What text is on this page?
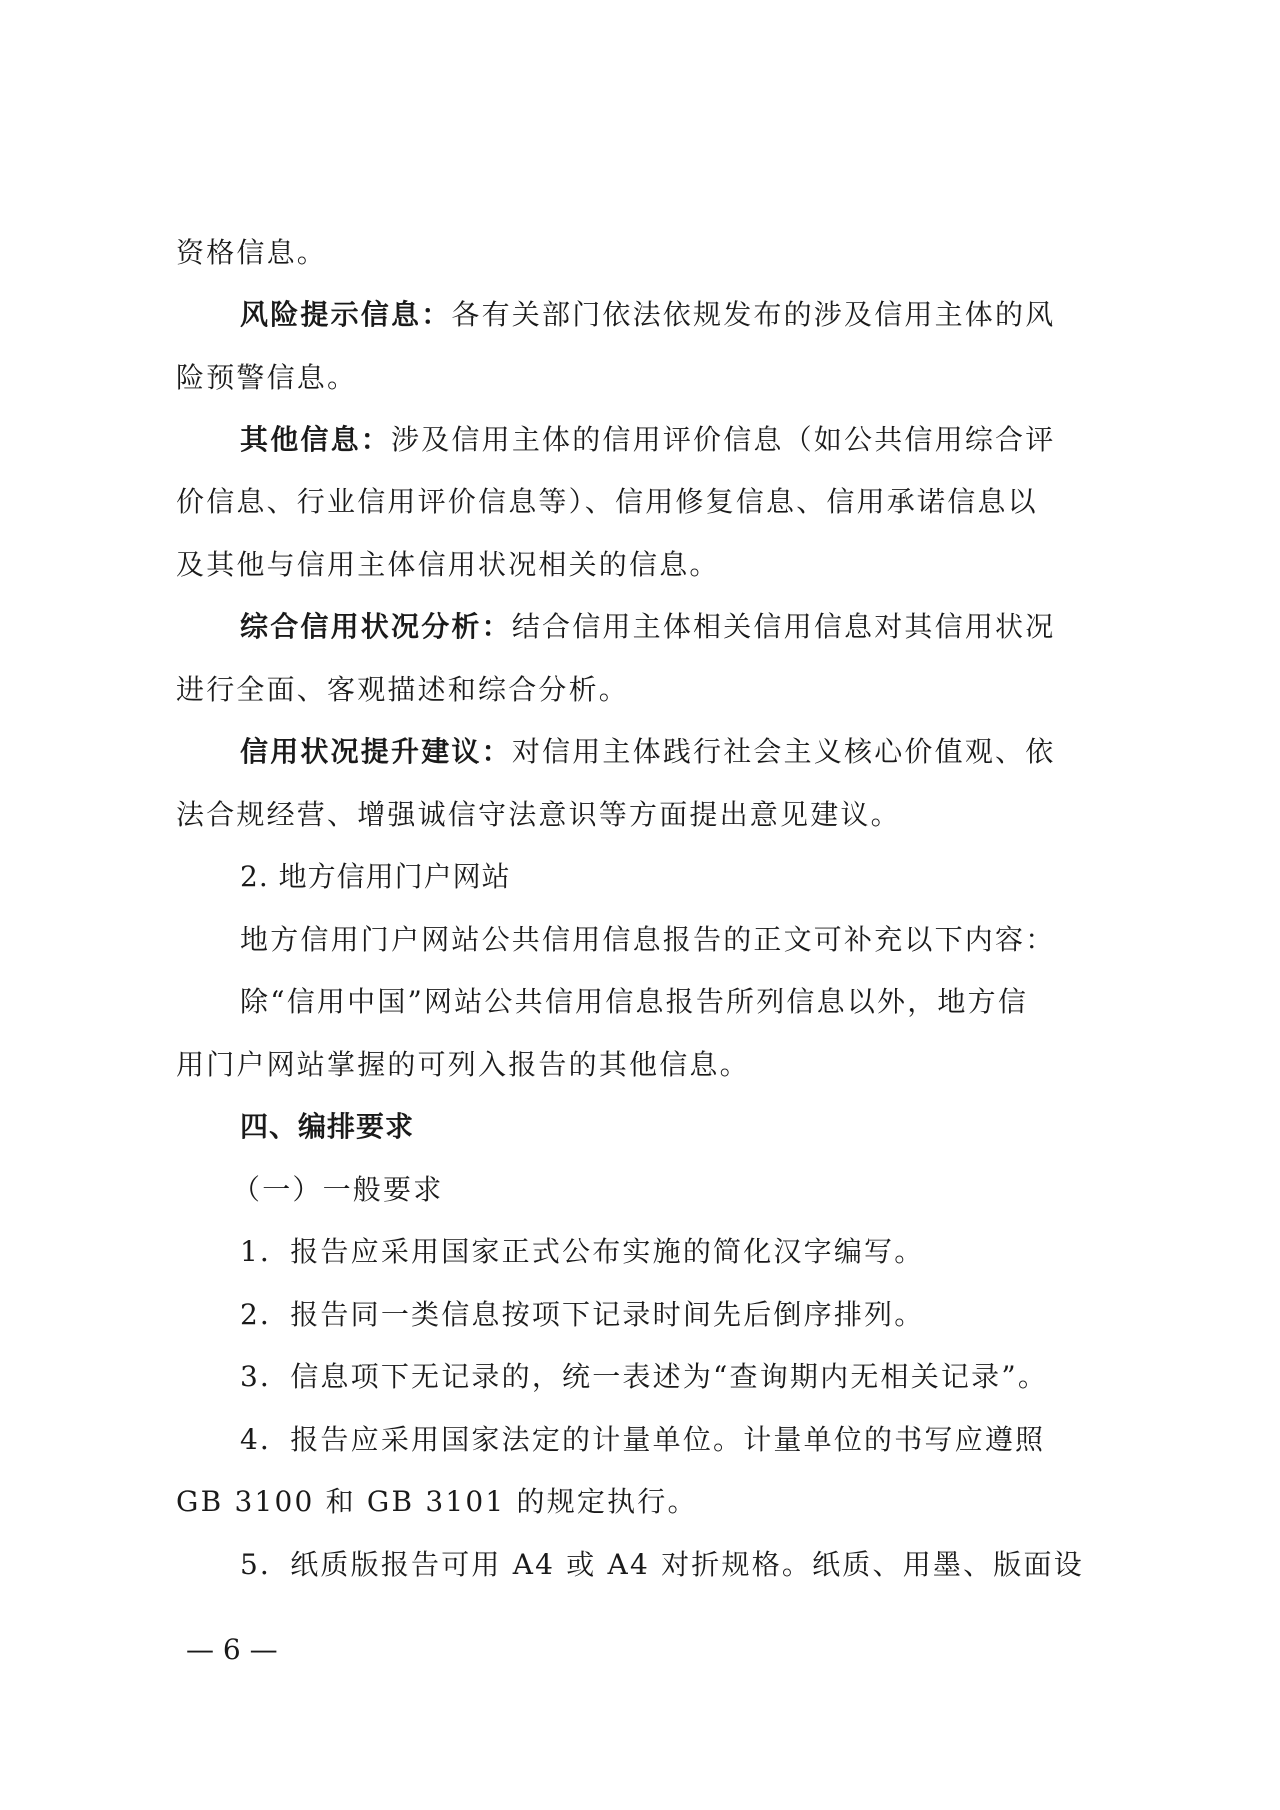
资格信息。
风险提示信息：各有关部门依法依规发布的涉及信用主体的风
险预警信息。
其他信息：涉及信用主体的信用评价信息（如公共信用综合评
价信息、行业信用评价信息等）、信用修复信息、信用承诺信息以
及其他与信用主体信用状况相关的信息。
综合信用状况分析：结合信用主体相关信用信息对其信用状况
进行全面、客观描述和综合分析。
信用状况提升建议：对信用主体践行社会主义核心价值观、依
法合规经营、增强诚信守法意识等方面提出意见建议。
2. 地方信用门户网站
地方信用门户网站公共信用信息报告的正文可补充以下内容：
除“信用中国”网站公共信用信息报告所列信息以外，地方信
用门户网站掌握的可列入报告的其他信息。
四、编排要求
（一）一般要求
1．报告应采用国家正式公布实施的简化汉字编写。
2．报告同一类信息按项下记录时间先后倒序排列。
3．信息项下无记录的，统一表述为“查询期内无相关记录”。
4．报告应采用国家法定的计量单位。计量单位的书写应遵照
GB 3100 和 GB 3101 的规定执行。
5．纸质版报告可用 A4 或 A4 对折规格。纸质、用墨、版面设
— 6 —
